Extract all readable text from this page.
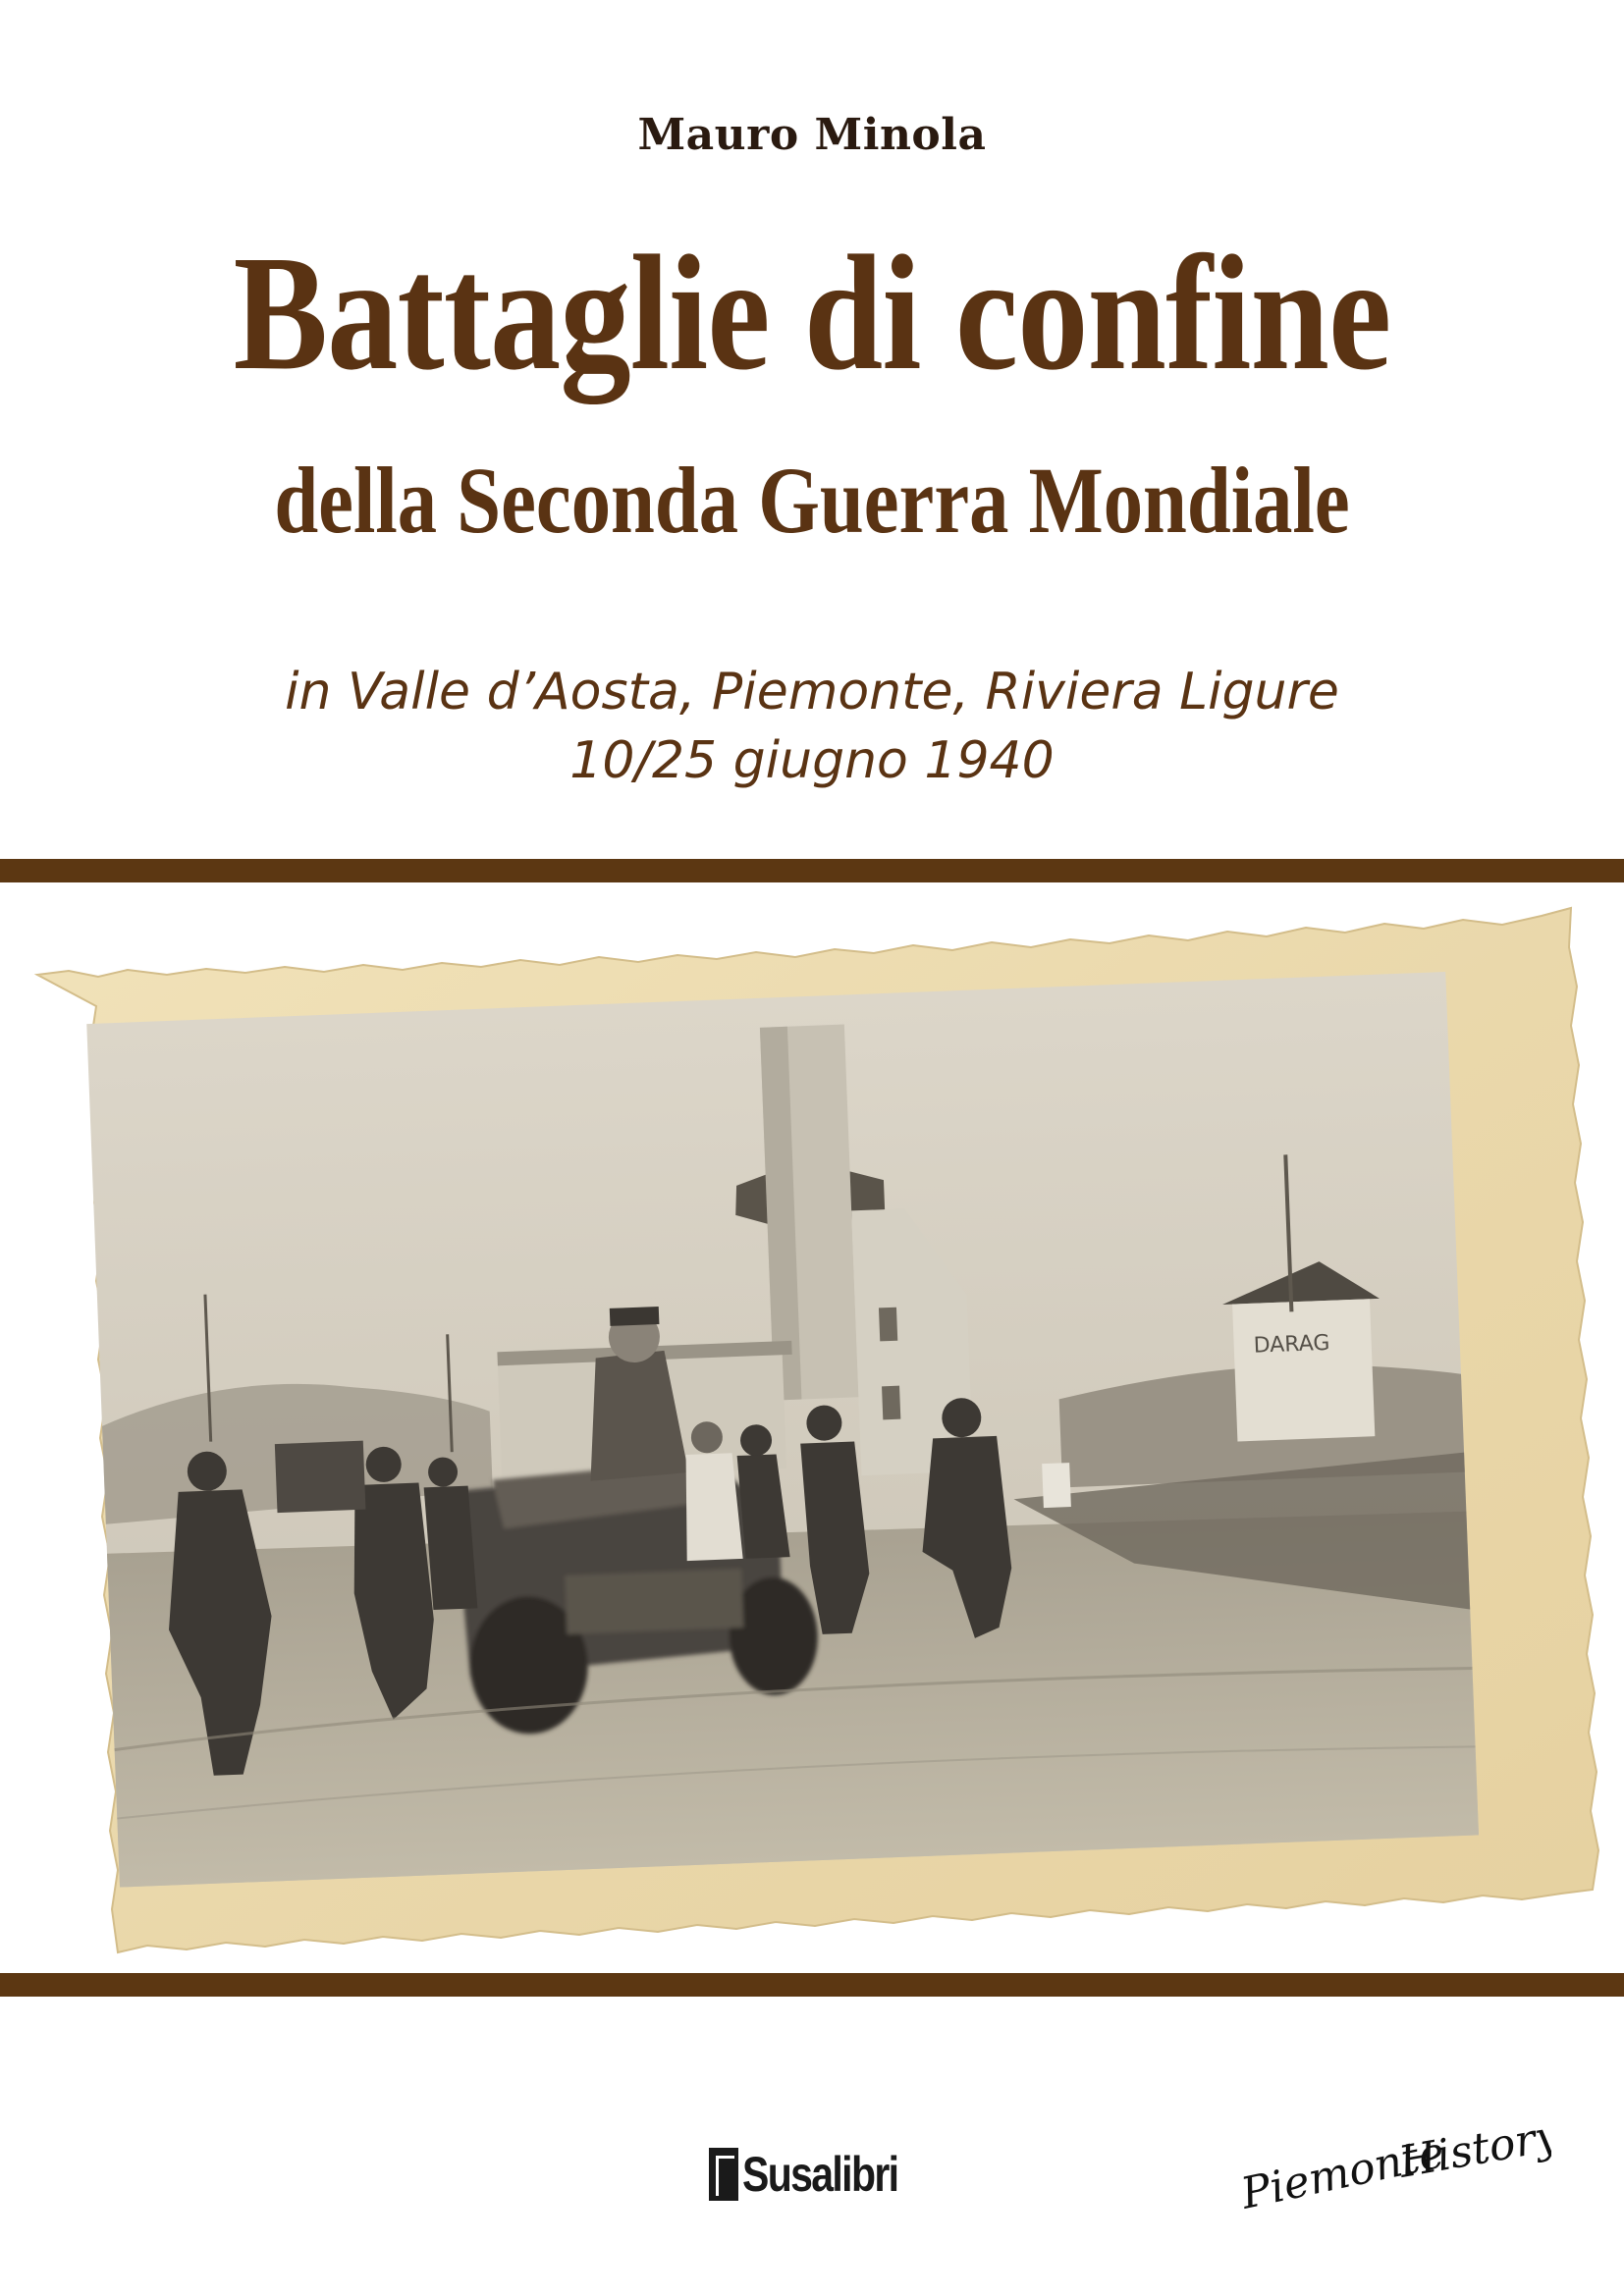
Mauro Minola
Battaglie di confine
della Seconda Guerra Mondiale
in Valle d’Aosta, Piemonte, Riviera Ligure
10/25 giugno 1940
DARAG
Susalibri	Piemonte
History
